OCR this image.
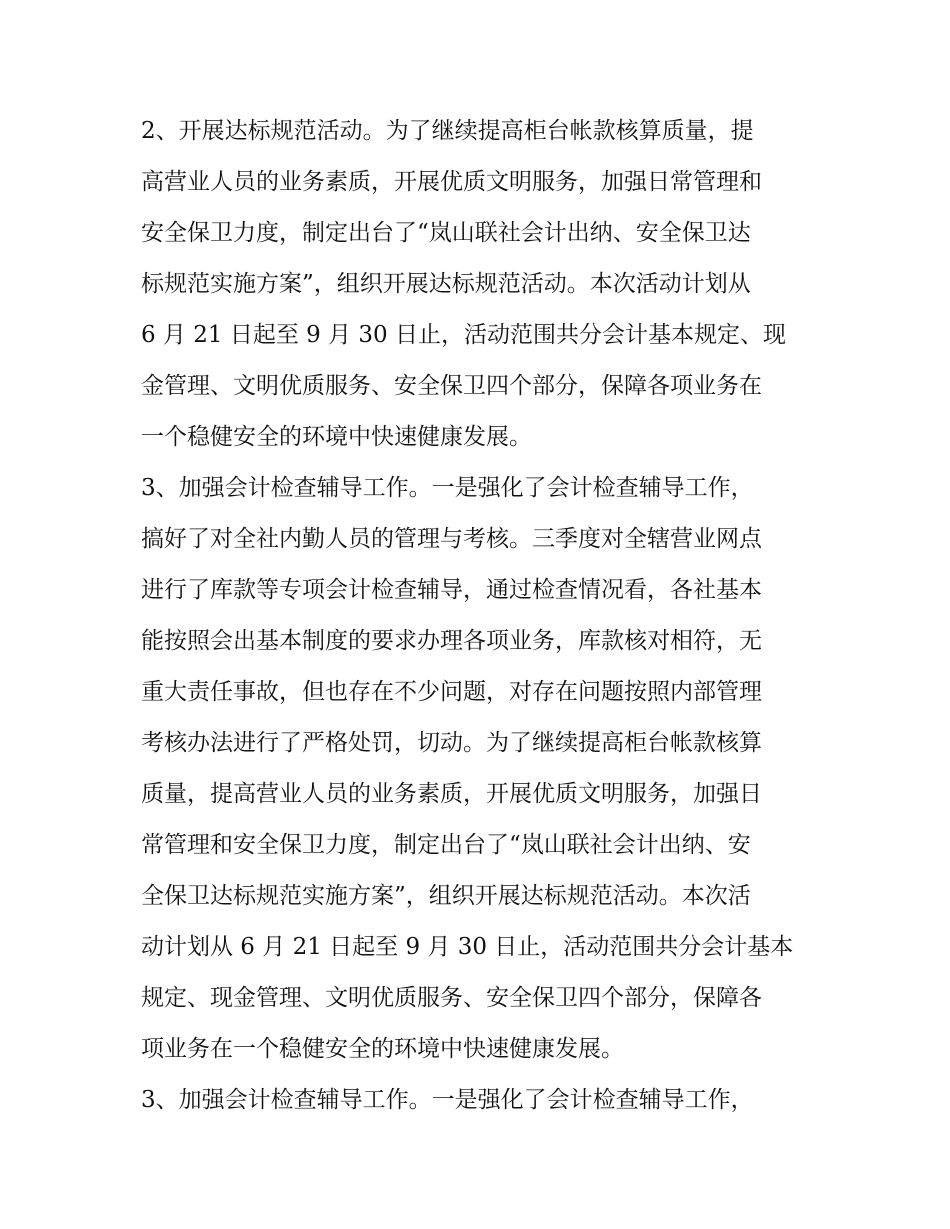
2、开展达标规范活动。为了继续提高柜台帐款核算质量，提
高营业人员的业务素质，开展优质文明服务，加强日常管理和
安全保卫力度，制定出台了“岚山联社会计出纳、安全保卫达
标规范实施方案”，组织开展达标规范活动。本次活动计划从
6 月 21 日起至 9 月 30 日止，活动范围共分会计基本规定、现
金管理、文明优质服务、安全保卫四个部分，保障各项业务在
一个稳健安全的环境中快速健康发展。

3、加强会计检查辅导工作。一是强化了会计检查辅导工作，
搞好了对全社内勤人员的管理与考核。三季度对全辖营业网点
进行了库款等专项会计检查辅导，通过检查情况看，各社基本
能按照会出基本制度的要求办理各项业务，库款核对相符，无
重大责任事故，但也存在不少问题，对存在问题按照内部管理
考核办法进行了严格处罚，切动。为了继续提高柜台帐款核算
质量，提高营业人员的业务素质，开展优质文明服务，加强日
常管理和安全保卫力度，制定出台了“岚山联社会计出纳、安
全保卫达标规范实施方案”，组织开展达标规范活动。本次活
动计划从 6 月 21 日起至 9 月 30 日止，活动范围共分会计基本
规定、现金管理、文明优质服务、安全保卫四个部分，保障各
项业务在一个稳健安全的环境中快速健康发展。

3、加强会计检查辅导工作。一是强化了会计检查辅导工作，
